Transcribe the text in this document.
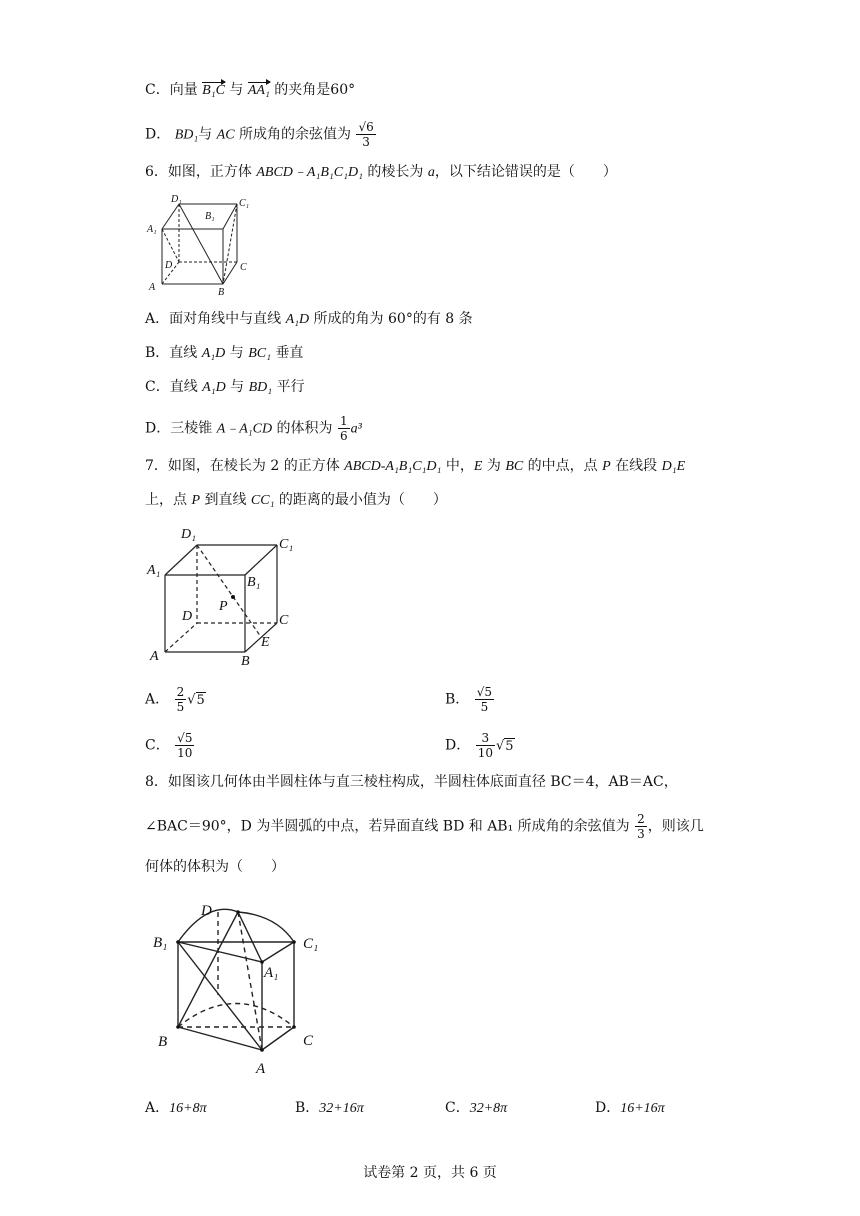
C．向量 B₁C 与 AA₁ 的夹角是60°
D． BD₁与 AC 所成角的余弦值为 $\frac{√6}{3}$
6．如图，正方体 ABCD﹣A₁B₁C₁D₁ 的棱长为 a，以下结论错误的是（　　）
D₁
B₁
C₁
A₁
D	C
A	B
A．面对角线中与直线 A₁D 所成的角为 60°的有 8 条
B．直线 A₁D 与 BC₁ 垂直
C．直线 A₁D 与 BD₁ 平行
D．三棱锥 A﹣A₁CD 的体积为 $\frac{1}{6} a^3$
7．如图，在棱长为 2 的正方体 ABCD-A₁B₁C₁D₁ 中，E 为 BC 的中点，点 P 在线段 D₁E
上，点 P 到直线 CC₁ 的距离的最小值为（　　）
D₁
C₁
A₁
B₁
P
D	C
E
A	B
A． $\frac{2}{5} √5$	B． $\frac{√5}{5}$
C． $\frac{√5}{10}$	D． $\frac{3}{10} √5$
8．如图该几何体由半圆柱体与直三棱柱构成，半圆柱体底面直径 BC＝4，AB＝AC，
∠BAC＝90°，D 为半圆弧的中点，若异面直线 BD 和 AB₁ 所成角的余弦值为 $\frac{2}{3}$ ，则该几
何体的体积为（　　）
D
B₁	C₁
A₁
B	C
A
A．16+8π	B．32+16π	C．32+8π	D．16+16π
试卷第 2 页，共 6 页
